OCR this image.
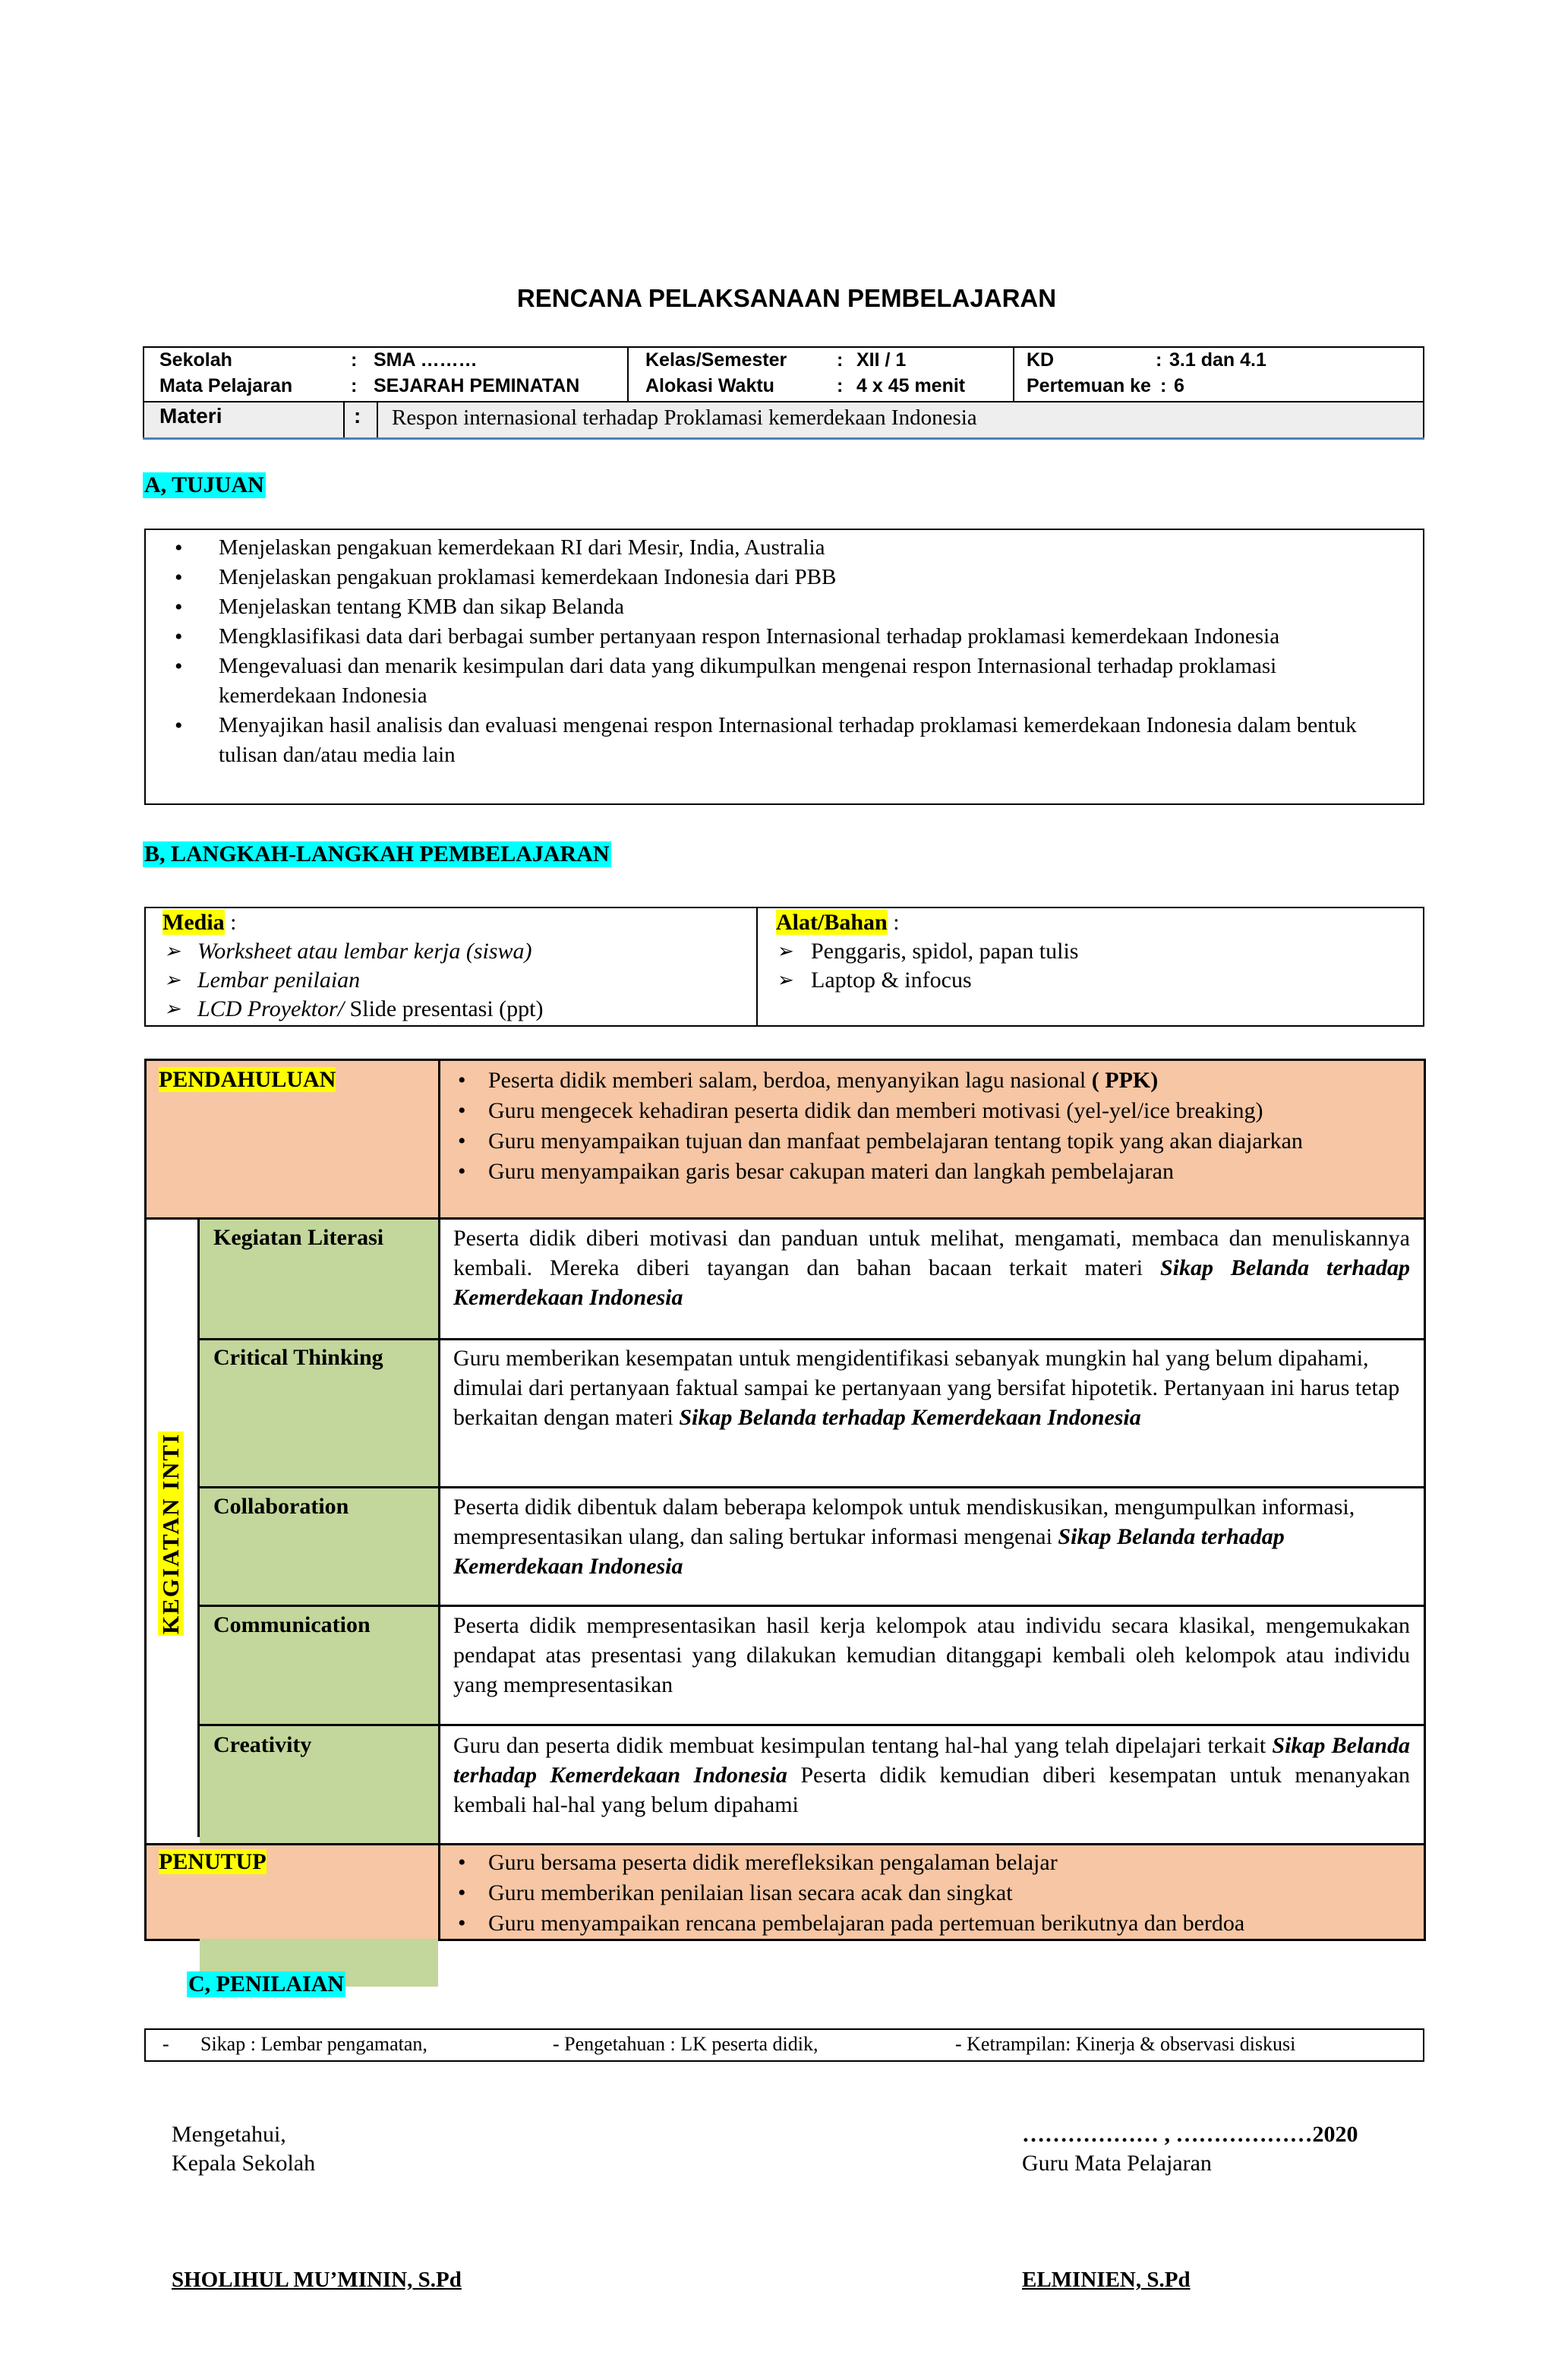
RENCANA PELAKSANAAN PEMBELAJARAN
Sekolah	: SMA ………
Mata Pelajaran	: SEJARAH PEMINATAN
Kelas/Semester	: XII / 1
Alokasi Waktu	: 4 x 45 menit
KD	: 3.1 dan 4.1
Pertemuan ke : 6
Materi	: Respon internasional terhadap Proklamasi kemerdekaan Indonesia
A, TUJUAN
• Menjelaskan pengakuan kemerdekaan RI dari Mesir, India, Australia
• Menjelaskan pengakuan proklamasi kemerdekaan Indonesia dari PBB
• Menjelaskan tentang KMB dan sikap Belanda
• Mengklasifikasi data dari berbagai sumber pertanyaan respon Internasional terhadap proklamasi kemerdekaan Indonesia
• Mengevaluasi dan menarik kesimpulan dari data yang dikumpulkan mengenai respon Internasional terhadap proklamasi kemerdekaan Indonesia
• Menyajikan hasil analisis dan evaluasi mengenai respon Internasional terhadap proklamasi kemerdekaan Indonesia dalam bentuk tulisan dan/atau media lain
B, LANGKAH-LANGKAH PEMBELAJARAN
Media :
➢ Worksheet atau lembar kerja (siswa)
➢ Lembar penilaian
➢ LCD Proyektor/ Slide presentasi (ppt)
Alat/Bahan :
➢ Penggaris, spidol, papan tulis
➢ Laptop & infocus
PENDAHULUAN	• Peserta didik memberi salam, berdoa, menyanyikan lagu nasional ( PPK)
• Guru mengecek kehadiran peserta didik dan memberi motivasi (yel-yel/ice breaking)
• Guru menyampaikan tujuan dan manfaat pembelajaran tentang topik yang akan diajarkan
• Guru menyampaikan garis besar cakupan materi dan langkah pembelajaran
Kegiatan Literasi	Peserta didik diberi motivasi dan panduan untuk melihat, mengamati, membaca dan menuliskannya kembali. Mereka diberi tayangan dan bahan bacaan terkait materi Sikap Belanda terhadap Kemerdekaan Indonesia
Critical Thinking	Guru memberikan kesempatan untuk mengidentifikasi sebanyak mungkin hal yang belum dipahami, dimulai dari pertanyaan faktual sampai ke pertanyaan yang bersifat hipotetik. Pertanyaan ini harus tetap berkaitan dengan materi Sikap Belanda terhadap Kemerdekaan Indonesia
Collaboration	Peserta didik dibentuk dalam beberapa kelompok untuk mendiskusikan, mengumpulkan informasi, mempresentasikan ulang, dan saling bertukar informasi mengenai Sikap Belanda terhadap Kemerdekaan Indonesia
Communication	Peserta didik mempresentasikan hasil kerja kelompok atau individu secara klasikal, mengemukakan pendapat atas presentasi yang dilakukan kemudian ditanggapi kembali oleh kelompok atau individu yang mempresentasikan
Creativity	Guru dan peserta didik membuat kesimpulan tentang hal-hal yang telah dipelajari terkait Sikap Belanda terhadap Kemerdekaan Indonesia Peserta didik kemudian diberi kesempatan untuk menanyakan kembali hal-hal yang belum dipahami
PENUTUP	• Guru bersama peserta didik merefleksikan pengalaman belajar
• Guru memberikan penilaian lisan secara acak dan singkat
• Guru menyampaikan rencana pembelajaran pada pertemuan berikutnya dan berdoa
KEGIATAN INTI
C, PENILAIAN
- Sikap : Lembar pengamatan,	- Pengetahuan : LK peserta didik,	- Ketrampilan: Kinerja & observasi diskusi
Mengetahui,
Kepala Sekolah
……………… , ………………2020
Guru Mata Pelajaran
SHOLIHUL MU’MININ, S.Pd	ELMINIEN, S.Pd
